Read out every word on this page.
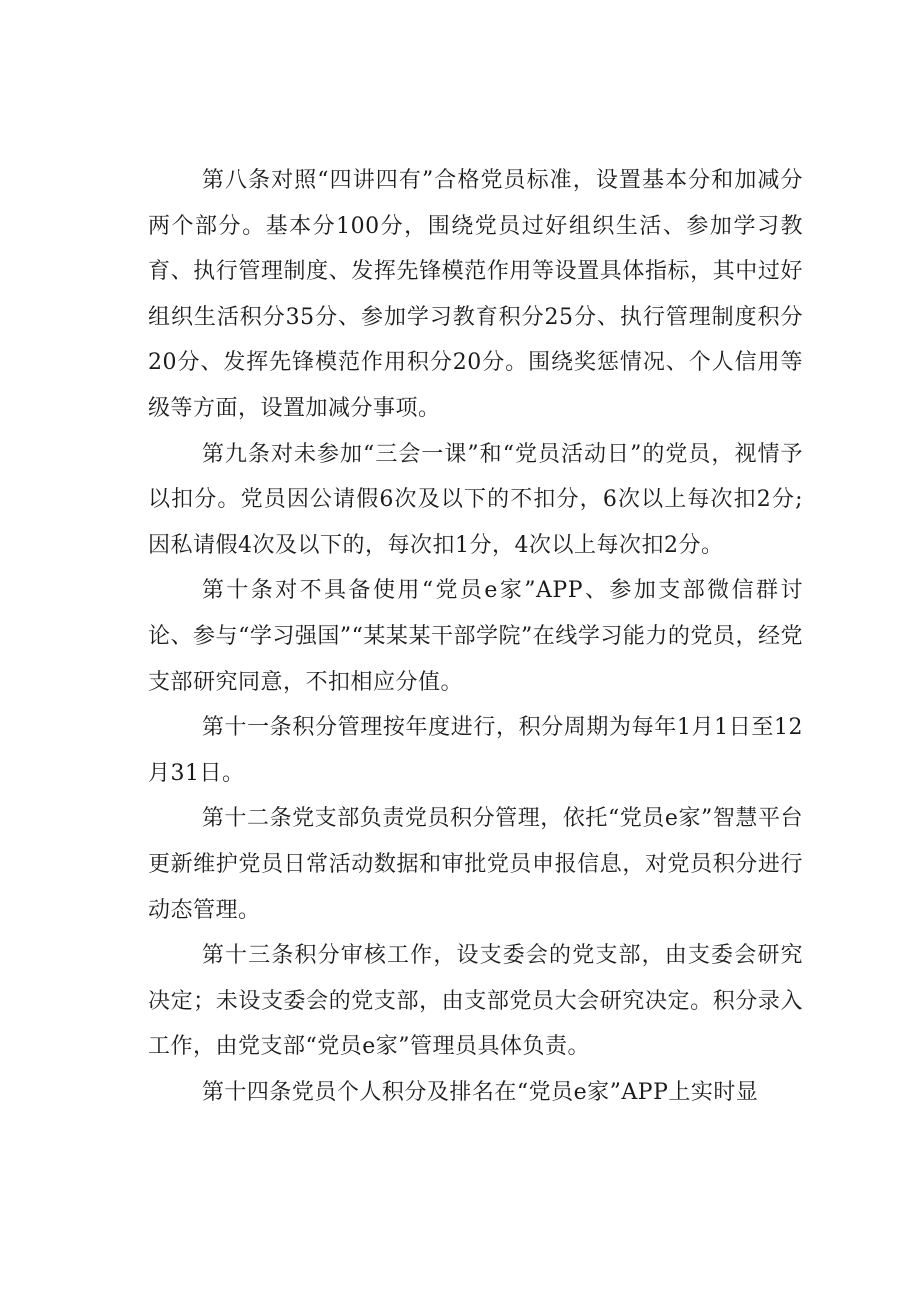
第八条对照“四讲四有”合格党员标准，设置基本分和加减分两个部分。基本分100分，围绕党员过好组织生活、参加学习教育、执行管理制度、发挥先锋模范作用等设置具体指标，其中过好组织生活积分35分、参加学习教育积分25分、执行管理制度积分20分、发挥先锋模范作用积分20分。围绕奖惩情况、个人信用等级等方面，设置加减分事项。

第九条对未参加“三会一课”和“党员活动日”的党员，视情予以扣分。党员因公请假6次及以下的不扣分，6次以上每次扣2分;因私请假4次及以下的，每次扣1分，4次以上每次扣2分。

第十条对不具备使用“党员e家”APP、参加支部微信群讨论、参与“学习强国”“某某某干部学院”在线学习能力的党员，经党支部研究同意，不扣相应分值。

第十一条积分管理按年度进行，积分周期为每年1月1日至12月31日。

第十二条党支部负责党员积分管理，依托“党员e家”智慧平台更新维护党员日常活动数据和审批党员申报信息，对党员积分进行动态管理。

第十三条积分审核工作，设支委会的党支部，由支委会研究决定；未设支委会的党支部，由支部党员大会研究决定。积分录入工作，由党支部“党员e家”管理员具体负责。

第十四条党员个人积分及排名在“党员e家”APP上实时显
